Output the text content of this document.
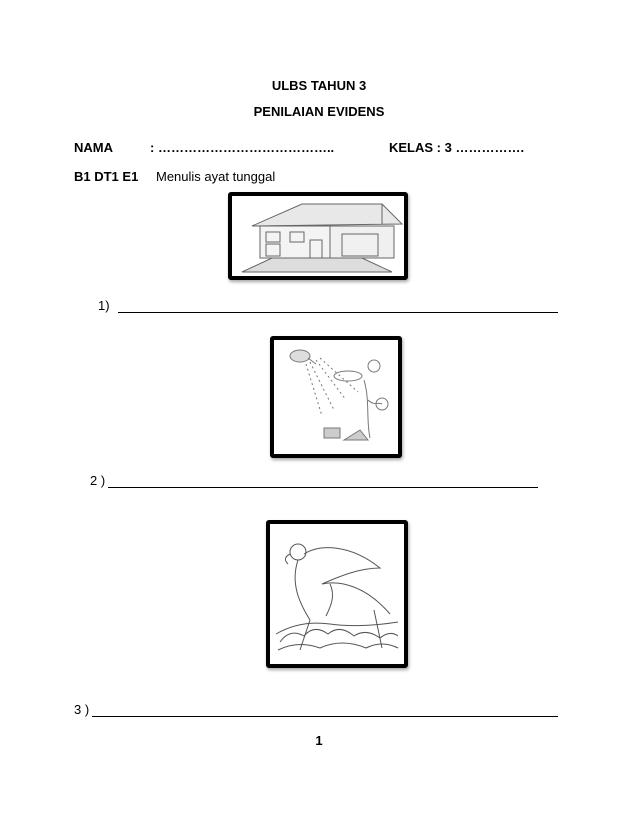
ULBS TAHUN 3
PENILAIAN EVIDENS
NAMA	: …………………………………..	KELAS : 3 …………….
B1 DT1 E1 Menulis ayat tunggal
1)
2 )
3 )
1
